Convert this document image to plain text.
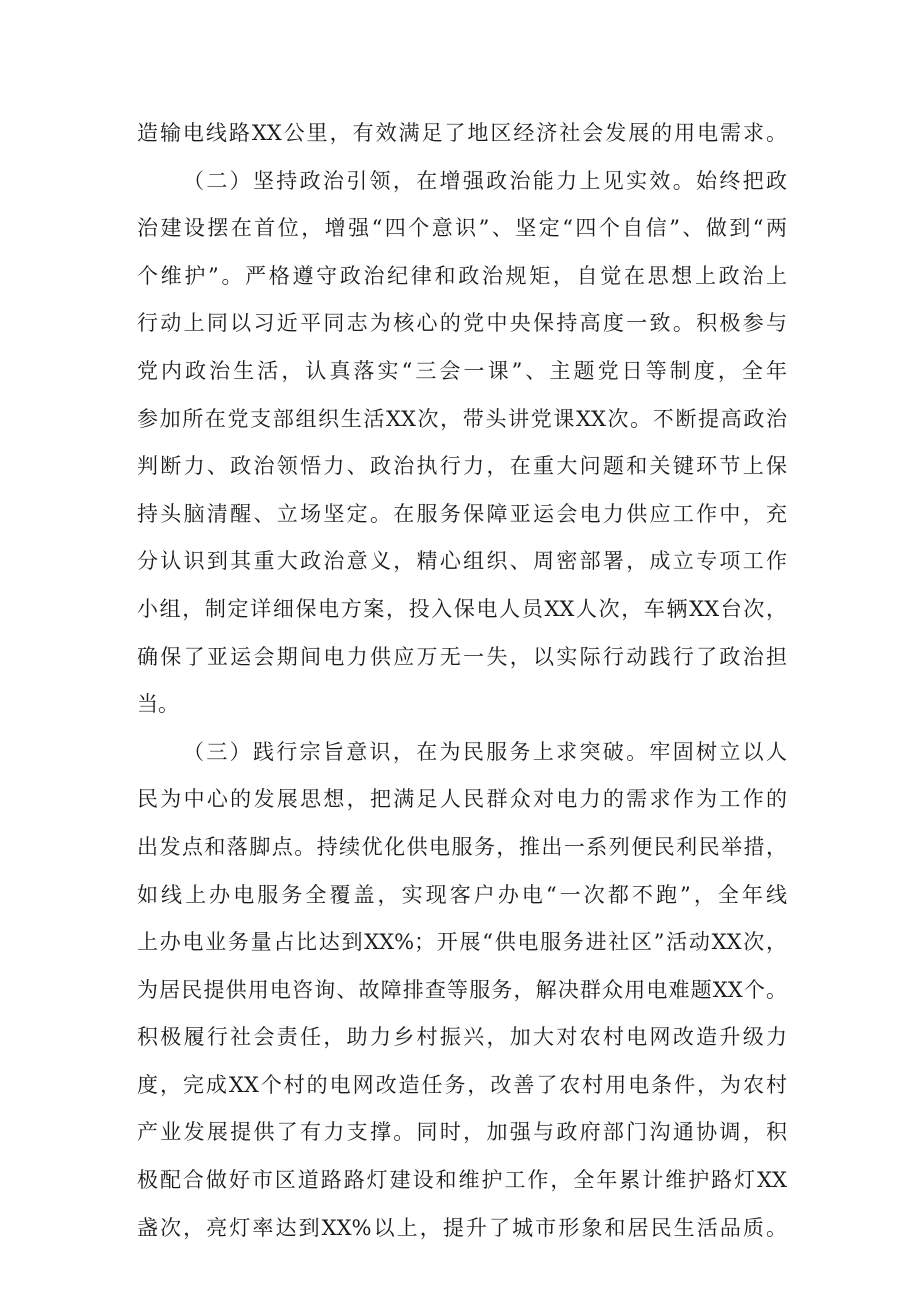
造输电线路XX公里，有效满足了地区经济社会发展的用电需求。
（二）坚持政治引领，在增强政治能力上见实效。始终把政
治建设摆在首位，增强“四个意识”、坚定“四个自信”、做到“两
个维护”。严格遵守政治纪律和政治规矩，自觉在思想上政治上
行动上同以习近平同志为核心的党中央保持高度一致。积极参与
党内政治生活，认真落实“三会一课”、主题党日等制度，全年
参加所在党支部组织生活XX次，带头讲党课XX次。不断提高政治
判断力、政治领悟力、政治执行力，在重大问题和关键环节上保
持头脑清醒、立场坚定。在服务保障亚运会电力供应工作中，充
分认识到其重大政治意义，精心组织、周密部署，成立专项工作
小组，制定详细保电方案，投入保电人员XX人次，车辆XX台次，
确保了亚运会期间电力供应万无一失，以实际行动践行了政治担
当。
（三）践行宗旨意识，在为民服务上求突破。牢固树立以人
民为中心的发展思想，把满足人民群众对电力的需求作为工作的
出发点和落脚点。持续优化供电服务，推出一系列便民利民举措，
如线上办电服务全覆盖，实现客户办电“一次都不跑”，全年线
上办电业务量占比达到XX%；开展“供电服务进社区”活动XX次，
为居民提供用电咨询、故障排查等服务，解决群众用电难题XX个。
积极履行社会责任，助力乡村振兴，加大对农村电网改造升级力
度，完成XX个村的电网改造任务，改善了农村用电条件，为农村
产业发展提供了有力支撑。同时，加强与政府部门沟通协调，积
极配合做好市区道路路灯建设和维护工作，全年累计维护路灯XX
盏次，亮灯率达到XX%以上，提升了城市形象和居民生活品质。
